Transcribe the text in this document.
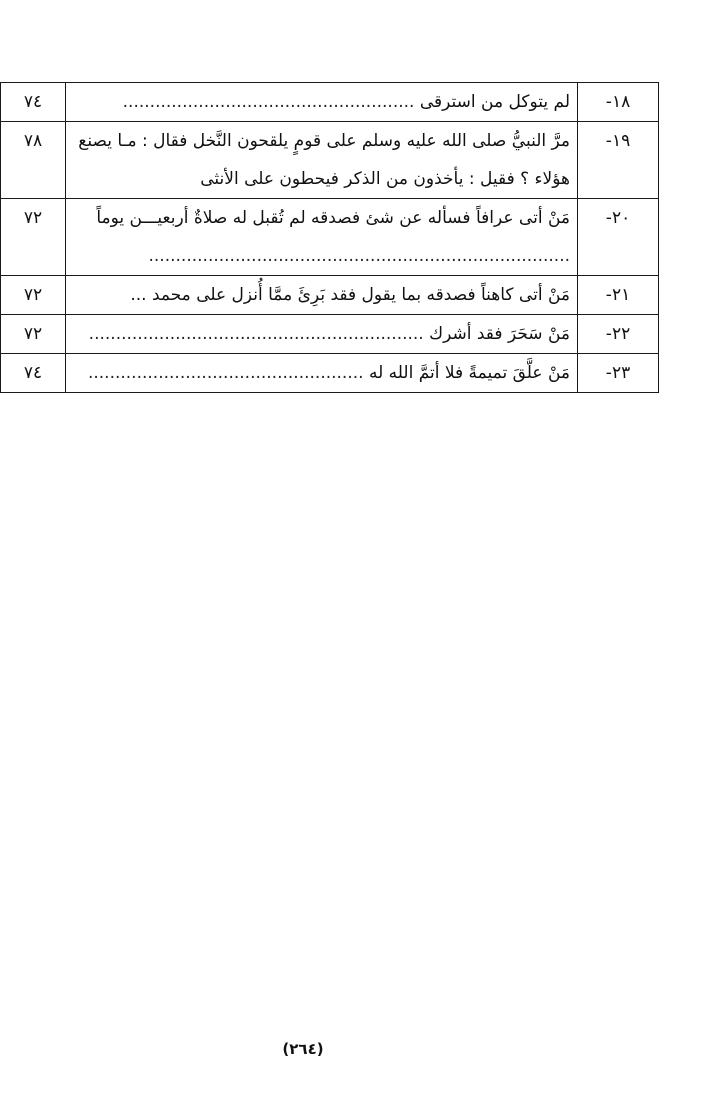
١٨-	لم يتوكل من استرقى ......................................................	٧٤
١٩-	مرَّ النبيُّ صلى الله عليه وسلم على قومٍ يلقحون النَّخل فقال : مـا يصنع هؤلاء ؟ فقيل : يأخذون من الذكر فيحطون على الأنثى	٧٨
٢٠-	مَنْ أتى عرافاً فسأله عن شئ فصدقه لم تُقبل له صلاةٌ أربعيـــن يوماً ..............................................................................	٧٢
٢١-	مَنْ أتى كاهناً فصدقه بما يقول فقد بَرِئَ ممَّا أُنزل على محمد ...	٧٢
٢٢-	مَنْ سَحَرَ فقد أشرك ..............................................................	٧٢
٢٣-	مَنْ علَّقَ تميمةً فلا أتمَّ الله له ...................................................	٧٤
(٢٦٤)
